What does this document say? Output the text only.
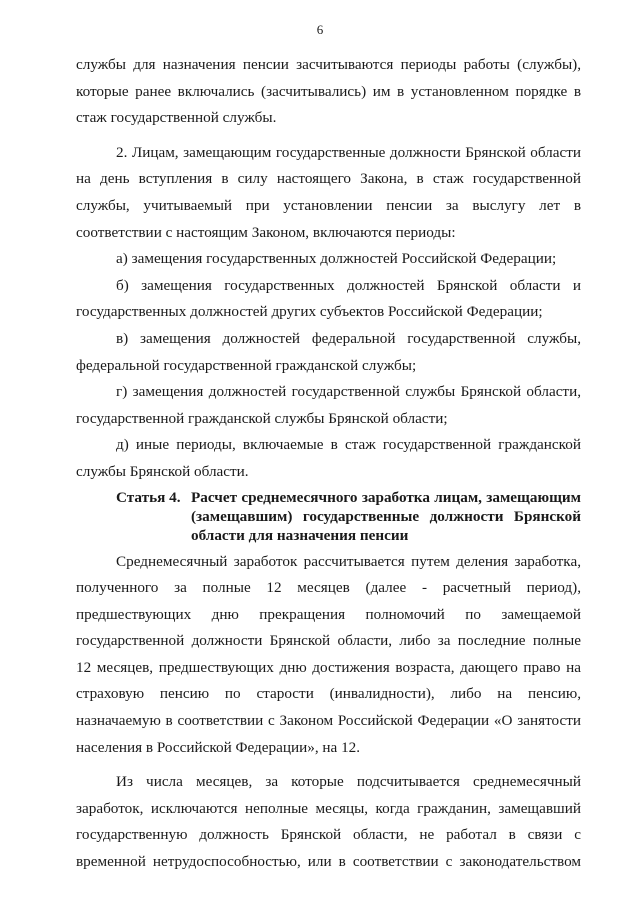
6
службы для назначения пенсии засчитываются периоды работы (службы),
которые ранее включались (засчитывались) им в установленном порядке в
стаж государственной службы.
2. Лицам, замещающим государственные должности Брянской области
на день вступления в силу настоящего Закона, в стаж государственной
службы, учитываемый при установлении пенсии за выслугу лет в
соответствии с настоящим Законом, включаются периоды:
а) замещения государственных должностей Российской Федерации;
б) замещения государственных должностей Брянской области и
государственных должностей других субъектов Российской Федерации;
в) замещения должностей федеральной государственной службы,
федеральной государственной гражданской службы;
г) замещения должностей государственной службы Брянской области,
государственной гражданской службы Брянской области;
д) иные периоды, включаемые в стаж государственной гражданской
службы Брянской области.
Статья 4. Расчет среднемесячного заработка лицам, замещающим
(замещавшим) государственные должности Брянской
области для назначения пенсии
Среднемесячный заработок рассчитывается путем деления заработка,
полученного за полные 12 месяцев (далее - расчетный период),
предшествующих дню прекращения полномочий по замещаемой
государственной должности Брянской области, либо за последние полные
12 месяцев, предшествующих дню достижения возраста, дающего право на
страховую пенсию по старости (инвалидности), либо на пенсию,
назначаемую в соответствии с Законом Российской Федерации «О занятости
населения в Российской Федерации», на 12.
Из числа месяцев, за которые подсчитывается среднемесячный
заработок, исключаются неполные месяцы, когда гражданин, замещавший
государственную должность Брянской области, не работал в связи с
временной нетрудоспособностью, или в соответствии с законодательством
